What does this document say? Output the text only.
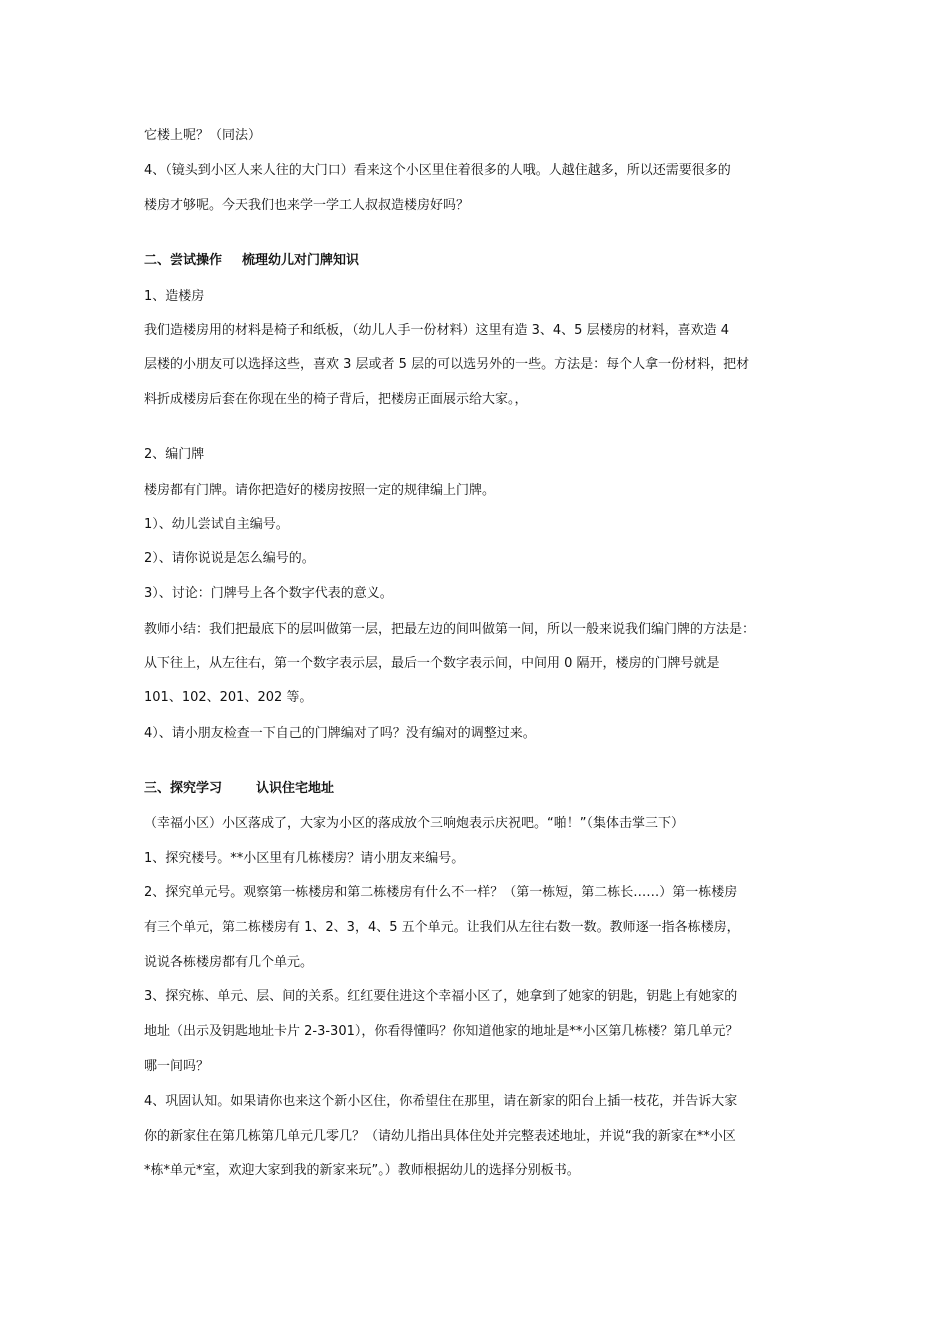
它楼上呢？（同法）
4、（镜头到小区人来人往的大门口）看来这个小区里住着很多的人哦。人越住越多，所以还需要很多的
楼房才够呢。今天我们也来学一学工人叔叔造楼房好吗？
二、尝试操作 梳理幼儿对门牌知识
1、造楼房
我们造楼房用的材料是椅子和纸板，（幼儿人手一份材料）这里有造 3、4、5 层楼房的材料，喜欢造 4
层楼的小朋友可以选择这些，喜欢 3 层或者 5 层的可以选另外的一些。方法是：每个人拿一份材料，把材
料折成楼房后套在你现在坐的椅子背后，把楼房正面展示给大家。，
2、编门牌
楼房都有门牌。请你把造好的楼房按照一定的规律编上门牌。
1）、幼儿尝试自主编号。
2）、请你说说是怎么编号的。
3）、讨论：门牌号上各个数字代表的意义。
教师小结：我们把最底下的层叫做第一层，把最左边的间叫做第一间，所以一般来说我们编门牌的方法是：
从下往上，从左往右，第一个数字表示层，最后一个数字表示间，中间用 0 隔开，楼房的门牌号就是
101、102、201、202 等。
4）、请小朋友检查一下自己的门牌编对了吗？没有编对的调整过来。
三、探究学习	认识住宅地址
（幸福小区）小区落成了，大家为小区的落成放个三响炮表示庆祝吧。“啪！”（集体击掌三下）
1、探究楼号。**小区里有几栋楼房？请小朋友来编号。
2、探究单元号。观察第一栋楼房和第二栋楼房有什么不一样？（第一栋短，第二栋长……）第一栋楼房
有三个单元，第二栋楼房有 1、2、3，4、5 五个单元。让我们从左往右数一数。教师逐一指各栋楼房，
说说各栋楼房都有几个单元。
3、探究栋、单元、层、间的关系。红红要住进这个幸福小区了，她拿到了她家的钥匙，钥匙上有她家的
地址（出示及钥匙地址卡片 2-3-301），你看得懂吗？你知道他家的地址是**小区第几栋楼？第几单元？
哪一间吗？
4、巩固认知。如果请你也来这个新小区住，你希望住在那里，请在新家的阳台上插一枝花，并告诉大家
你的新家住在第几栋第几单元几零几？（请幼儿指出具体住处并完整表述地址，并说“我的新家在**小区
*栋*单元*室，欢迎大家到我的新家来玩”。）教师根据幼儿的选择分别板书。
